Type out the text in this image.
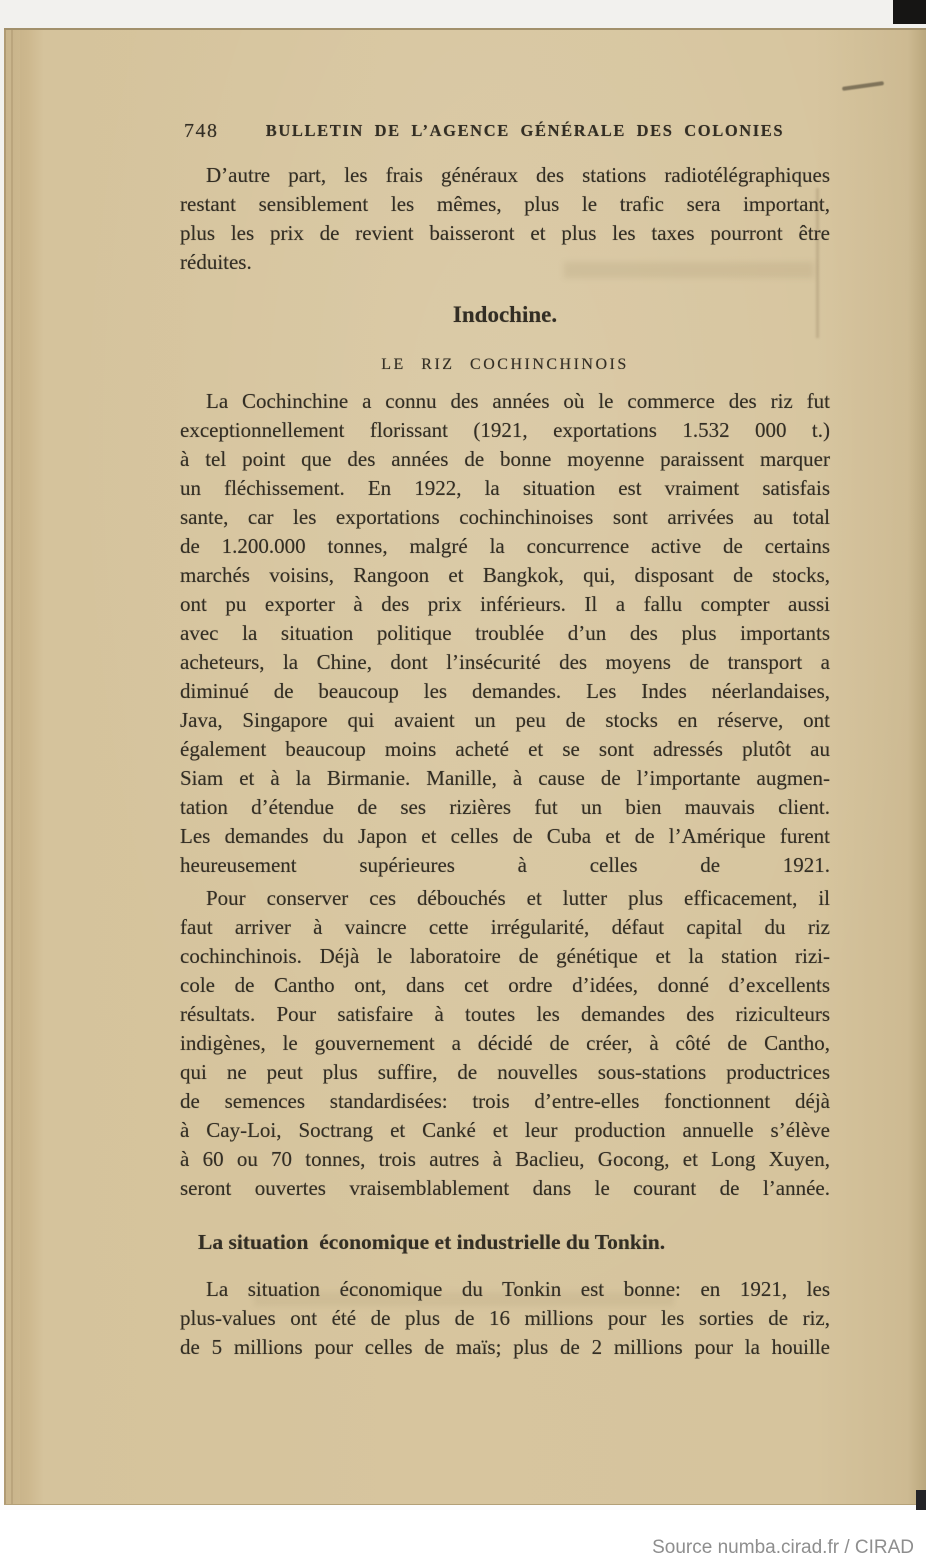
748	BULLETIN DE L’AGENCE GÉNÉRALE DES COLONIES
D’autre part, les frais généraux des stations radiotélégraphiques
restant sensiblement les mêmes, plus le trafic sera important,
plus les prix de revient baisseront et plus les taxes pourront être
réduites.
Indochine.
LE RIZ COCHINCHINOIS
La Cochinchine a connu des années où le commerce des riz fut
exceptionnellement florissant (1921, exportations 1.532 000 t.)
à tel point que des années de bonne moyenne paraissent marquer
un fléchissement. En 1922, la situation est vraiment satisfais
sante, car les exportations cochinchinoises sont arrivées au total
de 1.200.000 tonnes, malgré la concurrence active de certains
marchés voisins, Rangoon et Bangkok, qui, disposant de stocks,
ont pu exporter à des prix inférieurs. Il a fallu compter aussi
avec la situation politique troublée d’un des plus importants
acheteurs, la Chine, dont l’insécurité des moyens de transport a
diminué de beaucoup les demandes. Les Indes néerlandaises,
Java, Singapore qui avaient un peu de stocks en réserve, ont
également beaucoup moins acheté et se sont adressés plutôt au
Siam et à la Birmanie. Manille, à cause de l’importante augmen-
tation d’étendue de ses rizières fut un bien mauvais client.
Les demandes du Japon et celles de Cuba et de l’Amérique furent
heureusement supérieures à celles de 1921.
Pour conserver ces débouchés et lutter plus efficacement, il
faut arriver à vaincre cette irrégularité, défaut capital du riz
cochinchinois. Déjà le laboratoire de génétique et la station rizi-
cole de Cantho ont, dans cet ordre d’idées, donné d’excellents
résultats. Pour satisfaire à toutes les demandes des riziculteurs
indigènes, le gouvernement a décidé de créer, à côté de Cantho,
qui ne peut plus suffire, de nouvelles sous-stations productrices
de semences standardisées: trois d’entre-elles fonctionnent déjà
à Cay-Loi, Soctrang et Canké et leur production annuelle s’élève
à 60 ou 70 tonnes, trois autres à Baclieu, Gocong, et Long Xuyen,
seront ouvertes vraisemblablement dans le courant de l’année.
La situation  économique et industrielle du Tonkin.
La situation économique du Tonkin est bonne: en 1921, les
plus-values ont été de plus de 16 millions pour les sorties de riz,
de 5 millions pour celles de maïs; plus de 2 millions pour la houille
Source numba.cirad.fr / CIRAD
